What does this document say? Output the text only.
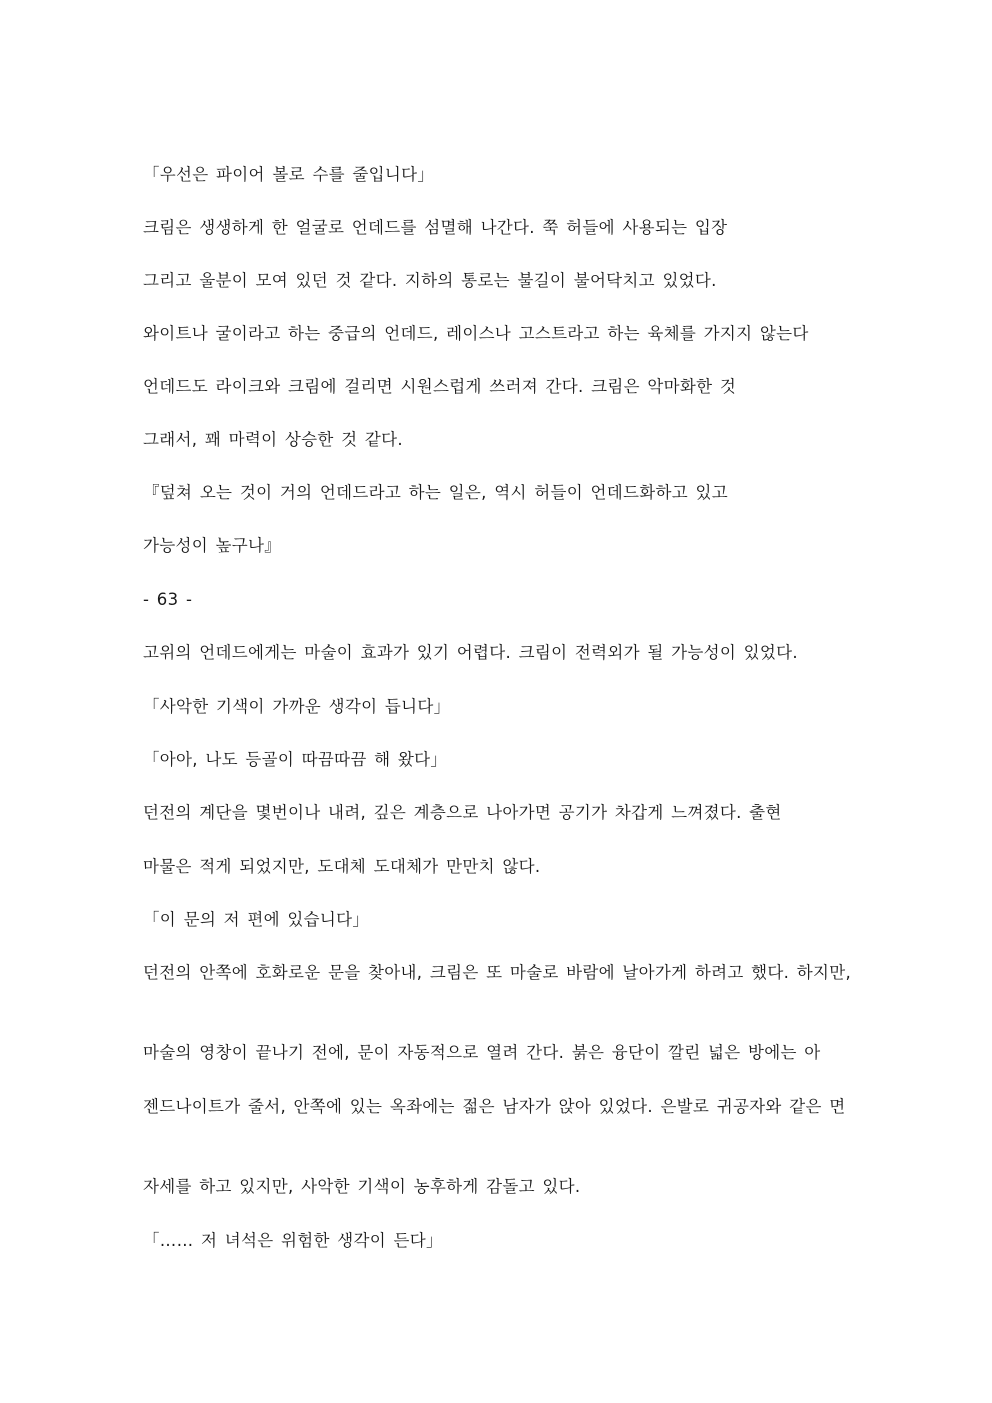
「우선은 파이어 볼로 수를 줄입니다」
크림은 생생하게 한 얼굴로 언데드를 섬멸해 나간다. 쭉 허들에 사용되는 입장
그리고 울분이 모여 있던 것 같다. 지하의 통로는 불길이 불어닥치고 있었다.
와이트나 굴이라고 하는 중급의 언데드, 레이스나 고스트라고 하는 육체를 가지지 않는다
언데드도 라이크와 크림에 걸리면 시원스럽게 쓰러져 간다. 크림은 악마화한 것
그래서, 꽤 마력이 상승한 것 같다.
『덮쳐 오는 것이 거의 언데드라고 하는 일은, 역시 허들이 언데드화하고 있고
가능성이 높구나』
- 63 -
고위의 언데드에게는 마술이 효과가 있기 어렵다. 크림이 전력외가 될 가능성이 있었다.
「사악한 기색이 가까운 생각이 듭니다」
「아아, 나도 등골이 따끔따끔 해 왔다」
던전의 계단을 몇번이나 내려, 깊은 계층으로 나아가면 공기가 차갑게 느껴졌다. 출현
마물은 적게 되었지만, 도대체 도대체가 만만치 않다.
「이 문의 저 편에 있습니다」
던전의 안쪽에 호화로운 문을 찾아내, 크림은 또 마술로 바람에 날아가게 하려고 했다. 하지만,
마술의 영창이 끝나기 전에, 문이 자동적으로 열려 간다. 붉은 융단이 깔린 넓은 방에는 아
젠드나이트가 줄서, 안쪽에 있는 옥좌에는 젊은 남자가 앉아 있었다. 은발로 귀공자와 같은 면
자세를 하고 있지만, 사악한 기색이 농후하게 감돌고 있다.
「…… 저 녀석은 위험한 생각이 든다」
